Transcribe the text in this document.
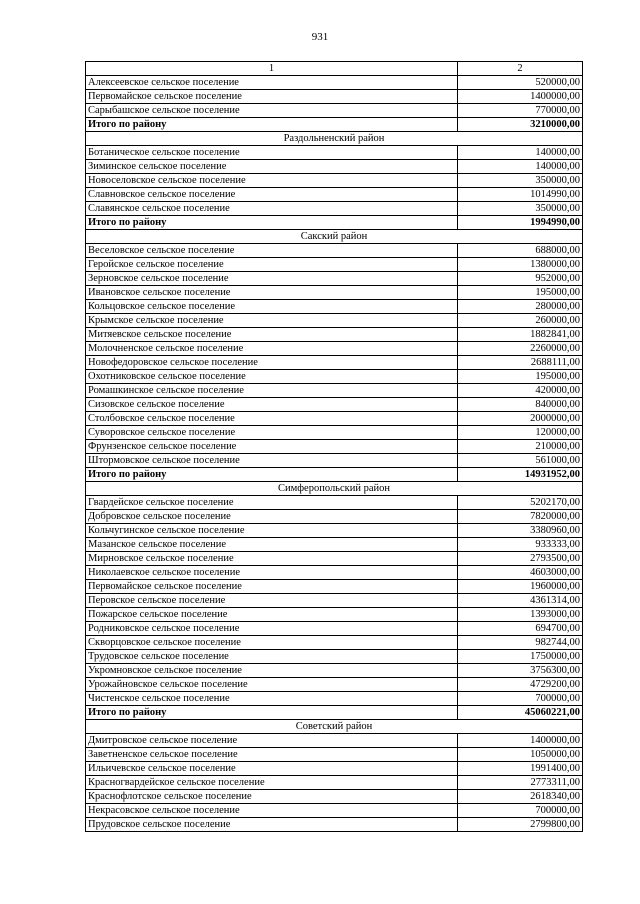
931
1	2
Алексеевское сельское поселение	520000,00
Первомайское сельское поселение	1400000,00
Сарыбашское сельское поселение	770000,00
Итого по району	3210000,00
Раздольненский район	
Ботаническое сельское поселение	140000,00
Зиминское сельское поселение	140000,00
Новоселовское сельское поселение	350000,00
Славновское сельское поселение	1014990,00
Славянское сельское поселение	350000,00
Итого по району	1994990,00
Сакский район	
Веселовское сельское поселение	688000,00
Геройское сельское поселение	1380000,00
Зерновское сельское поселение	952000,00
Ивановское сельское поселение	195000,00
Кольцовское сельское поселение	280000,00
Крымское сельское поселение	260000,00
Митяевское сельское поселение	1882841,00
Молочненское сельское поселение	2260000,00
Новофедоровское сельское поселение	2688111,00
Охотниковское сельское поселение	195000,00
Ромашкинское сельское поселение	420000,00
Сизовское сельское поселение	840000,00
Столбовское сельское поселение	2000000,00
Суворовское сельское поселение	120000,00
Фрунзенское сельское поселение	210000,00
Штормовское сельское поселение	561000,00
Итого по району	14931952,00
Симферопольский район	
Гвардейское сельское поселение	5202170,00
Добровское сельское поселение	7820000,00
Кольчугинское сельское поселение	3380960,00
Мазанское сельское поселение	933333,00
Мирновское сельское поселение	2793500,00
Николаевское сельское поселение	4603000,00
Первомайское сельское поселение	1960000,00
Перовское сельское поселение	4361314,00
Пожарское сельское поселение	1393000,00
Родниковское сельское поселение	694700,00
Скворцовское сельское поселение	982744,00
Трудовское сельское поселение	1750000,00
Укромновское сельское поселение	3756300,00
Урожайновское сельское поселение	4729200,00
Чистенское сельское поселение	700000,00
Итого по району	45060221,00
Советский район	
Дмитровское сельское поселение	1400000,00
Заветненское сельское поселение	1050000,00
Ильичевское сельское поселение	1991400,00
Красногвардейское сельское поселение	2773311,00
Краснофлотское сельское поселение	2618340,00
Некрасовское сельское поселение	700000,00
Прудовское сельское поселение	2799800,00
